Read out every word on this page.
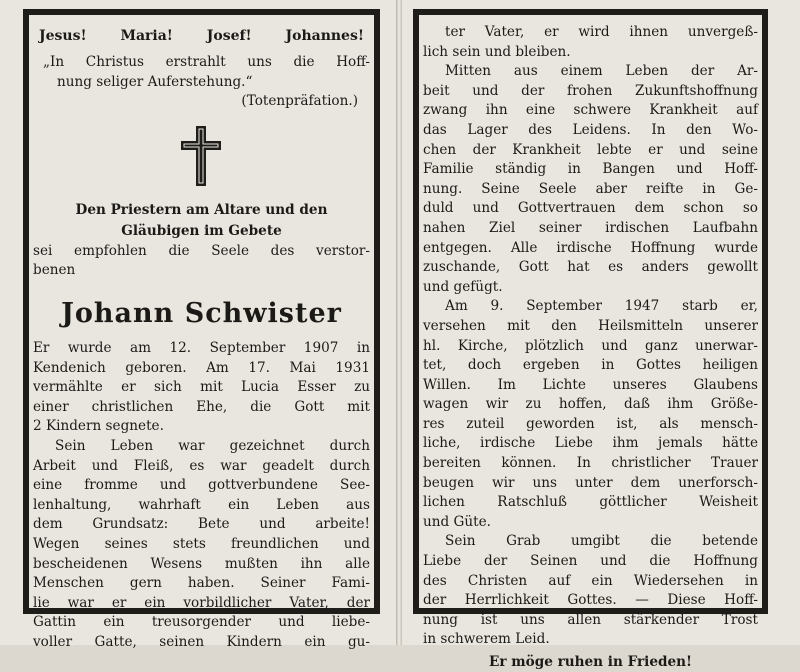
Jesus! Maria! Josef! Johannes!
„In Christus erstrahlt uns die Hoff-
nung seliger Auferstehung.“
(Totenpräfation.)
Den Priestern am Altare und den
Gläubigen im Gebete
sei empfohlen die Seele des verstor-
benen
Johann Schwister
Er wurde am 12. September 1907 in
Kendenich geboren. Am 17. Mai 1931
vermählte er sich mit Lucia Esser zu
einer christlichen Ehe, die Gott mit
2 Kindern segnete.
Sein Leben war gezeichnet durch
Arbeit und Fleiß, es war geadelt durch
eine fromme und gottverbundene See-
lenhaltung, wahrhaft ein Leben aus
dem Grundsatz: Bete und arbeite!
Wegen seines stets freundlichen und
bescheidenen Wesens mußten ihn alle
Menschen gern haben. Seiner Fami-
lie war er ein vorbildlicher Vater, der
Gattin ein treusorgender und liebe-
voller Gatte, seinen Kindern ein gu-
ter Vater, er wird ihnen unvergeß-
lich sein und bleiben.
Mitten aus einem Leben der Ar-
beit und der frohen Zukunftshoffnung
zwang ihn eine schwere Krankheit auf
das Lager des Leidens. In den Wo-
chen der Krankheit lebte er und seine
Familie ständig in Bangen und Hoff-
nung. Seine Seele aber reifte in Ge-
duld und Gottvertrauen dem schon so
nahen Ziel seiner irdischen Laufbahn
entgegen. Alle irdische Hoffnung wurde
zuschande, Gott hat es anders gewollt
und gefügt.
Am 9. September 1947 starb er,
versehen mit den Heilsmitteln unserer
hl. Kirche, plötzlich und ganz unerwar-
tet, doch ergeben in Gottes heiligen
Willen. Im Lichte unseres Glaubens
wagen wir zu hoffen, daß ihm Größe-
res zuteil geworden ist, als mensch-
liche, irdische Liebe ihm jemals hätte
bereiten können. In christlicher Trauer
beugen wir uns unter dem unerforsch-
lichen Ratschluß göttlicher Weisheit
und Güte.
Sein Grab umgibt die betende
Liebe der Seinen und die Hoffnung
des Christen auf ein Wiedersehen in
der Herrlichkeit Gottes. — Diese Hoff-
nung ist uns allen stärkender Trost
in schwerem Leid.
Er möge ruhen in Frieden!
